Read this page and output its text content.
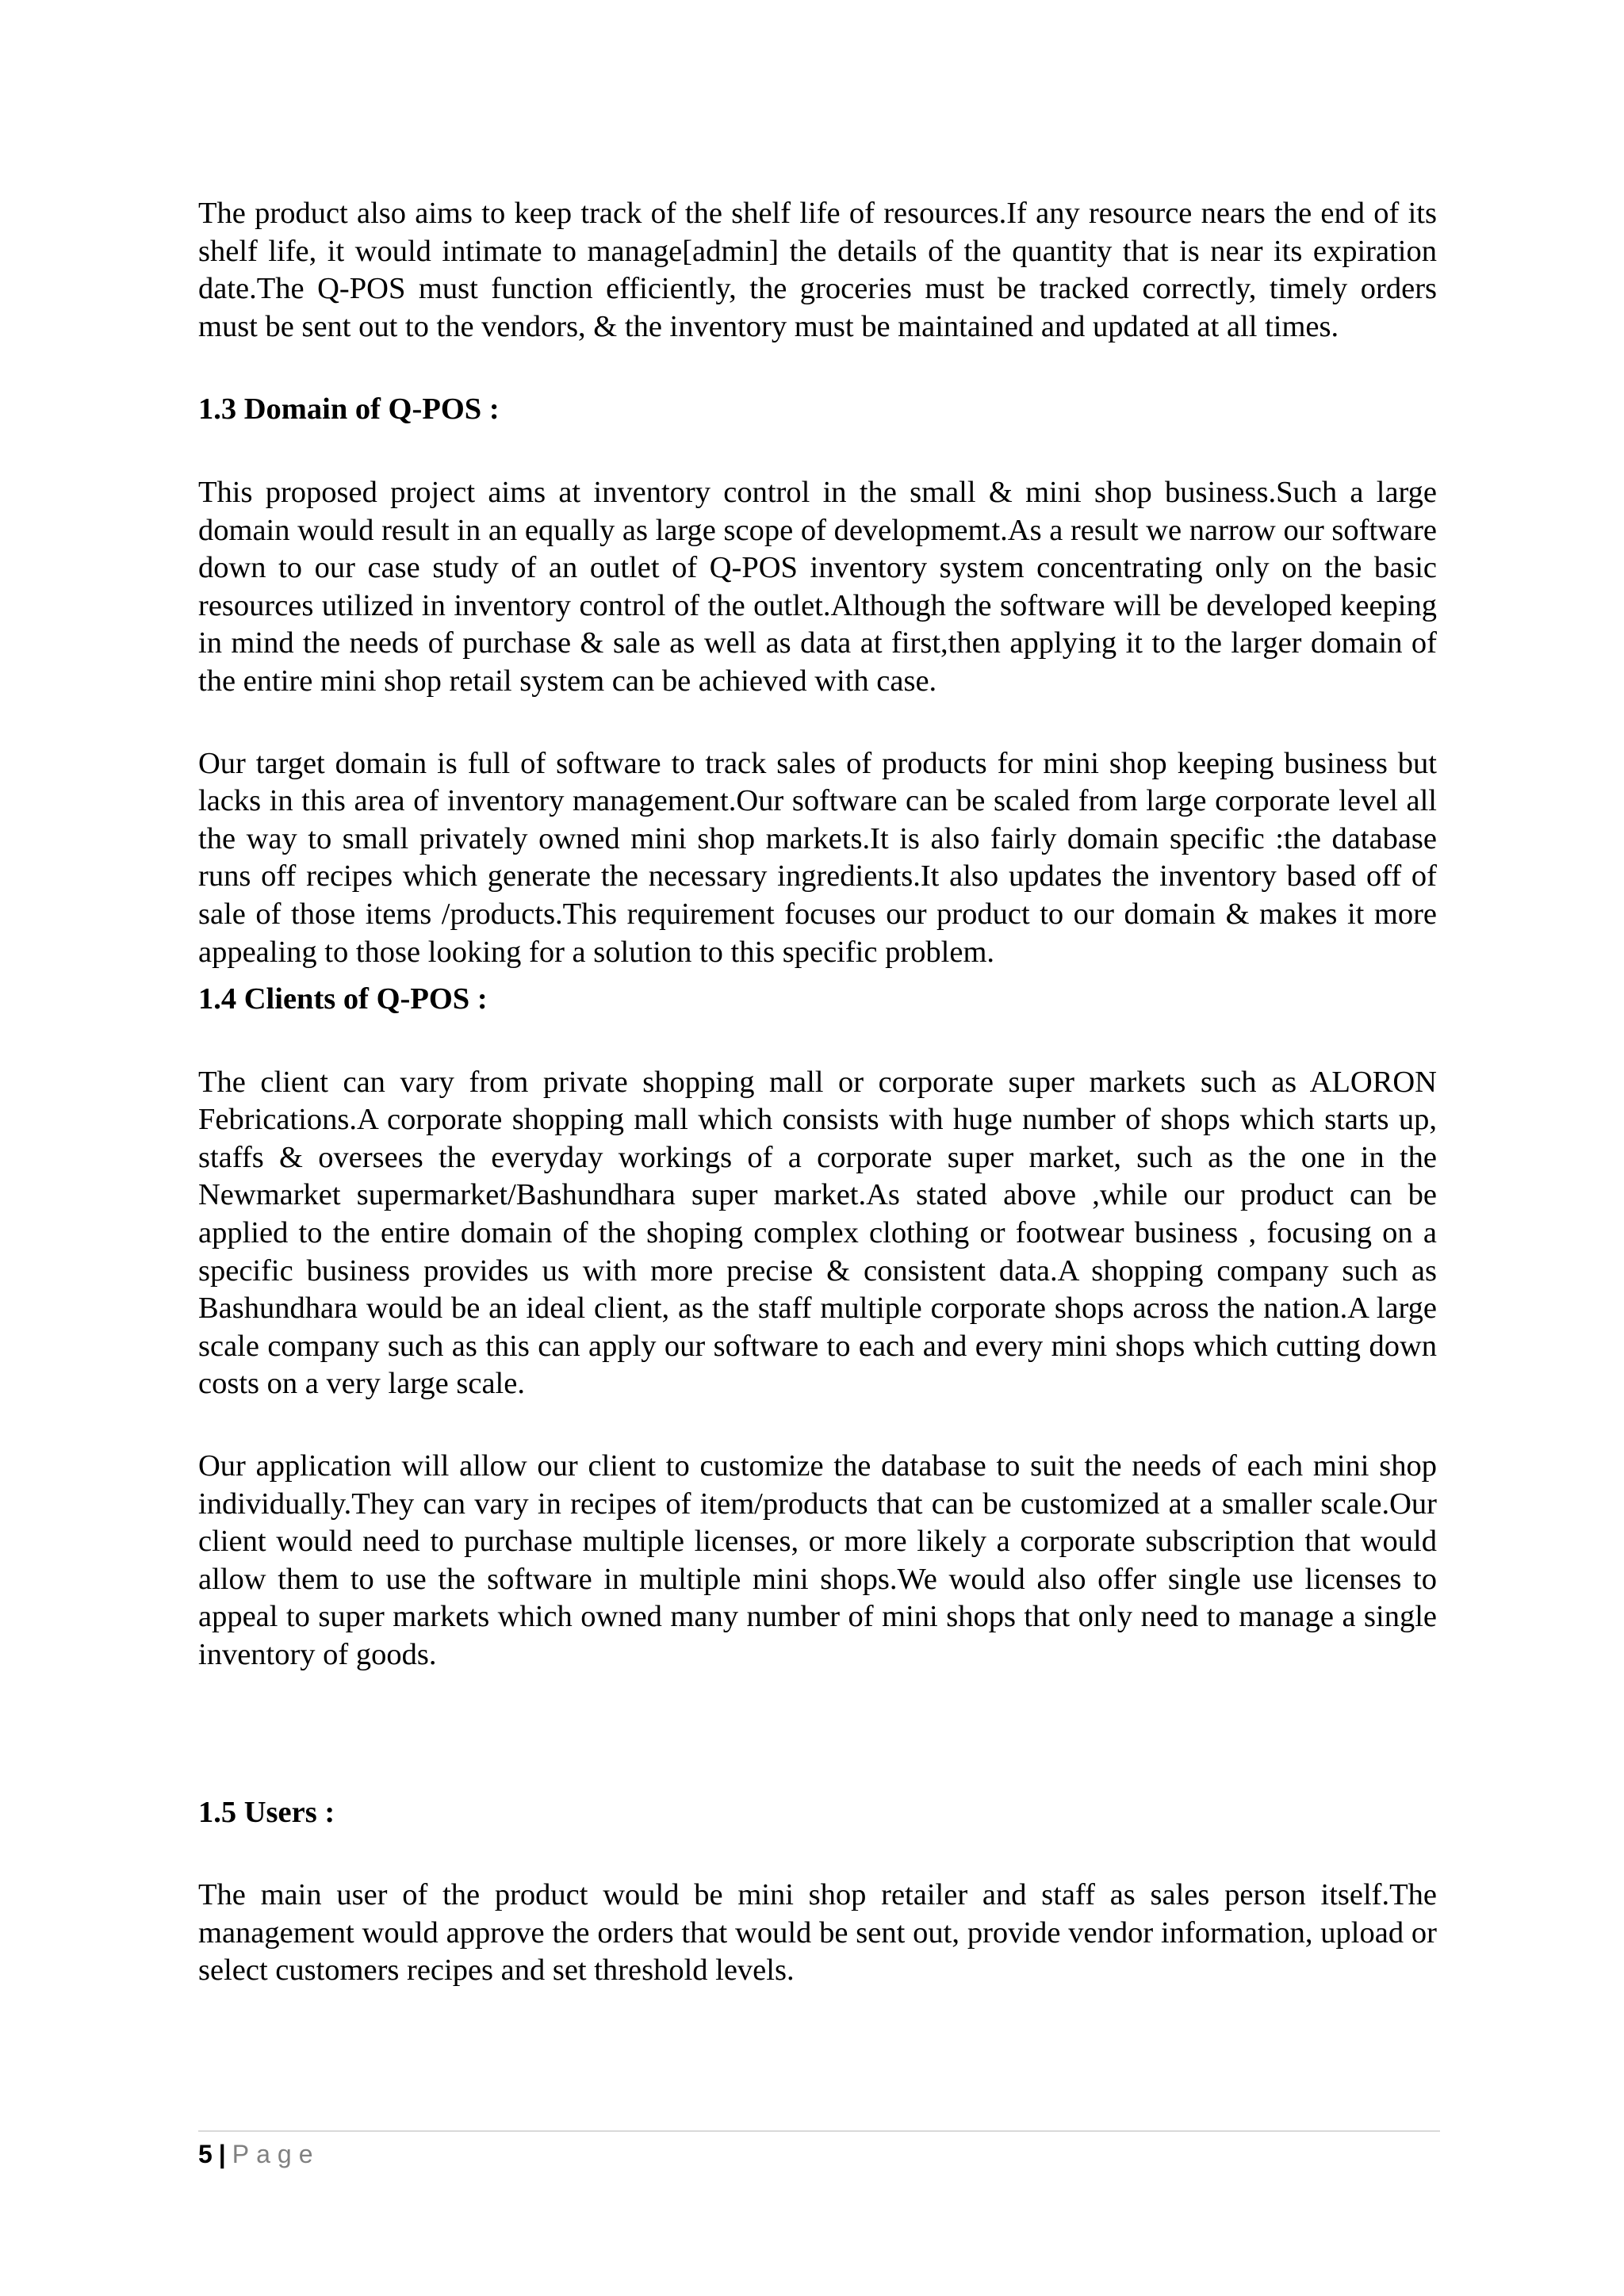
The product also aims to keep track of the shelf life of resources.If any resource nears the end of its shelf life, it would intimate to manage[admin] the details of the quantity that is near its expiration date.The Q-POS must function efficiently, the groceries must be tracked correctly, timely orders must be sent out to the vendors, & the inventory must be maintained and updated at all times.

1.3 Domain of Q-POS :

This proposed project aims at inventory control in the small & mini shop business.Such a large domain would result in an equally as large scope of developmemt.As a result we narrow our software down to our case study of an outlet of Q-POS inventory system concentrating only on the basic resources utilized in inventory control of the outlet.Although the software will be developed keeping in mind the needs of purchase & sale as well as data at first,then applying it to the larger domain of the entire mini shop retail system can be achieved with case.

Our target domain is full of software to track sales of products for mini shop keeping business but lacks in this area of inventory management.Our software can be scaled from large corporate level all the way to small privately owned mini shop markets.It is also fairly domain specific :the database runs off recipes which generate the necessary ingredients.It also updates the inventory based off of sale of those items /products.This requirement focuses our product to our domain & makes it more appealing to those looking for a solution to this specific problem.

1.4 Clients of Q-POS :

The client can vary from private shopping mall or corporate super markets such as ALORON Febrications.A corporate shopping mall which consists with huge number of shops which starts up, staffs & oversees the everyday workings of a corporate super market, such as the one in the Newmarket supermarket/Bashundhara super market.As stated above ,while our product can be applied to the entire domain of the shoping complex clothing or footwear business , focusing on a specific business provides us with more precise & consistent data.A shopping company such as Bashundhara would be an ideal client, as the staff multiple corporate shops across the nation.A large scale company such as this can apply our software to each and every mini shops which cutting down costs on a very large scale.

Our application will allow our client to customize the database to suit the needs of each mini shop individually.They can vary in recipes of item/products that can be customized at a smaller scale.Our client would need to purchase multiple licenses, or more likely a corporate subscription that would allow them to use the software in multiple mini shops.We would also offer single use licenses to appeal to super markets which owned many number of mini shops that only need to manage a single inventory of goods.

1.5 Users :

The main user of the product would be mini shop retailer and staff as sales person itself.The management would approve the orders that would be sent out, provide vendor information, upload or select customers recipes and set threshold levels.

5 | Page
